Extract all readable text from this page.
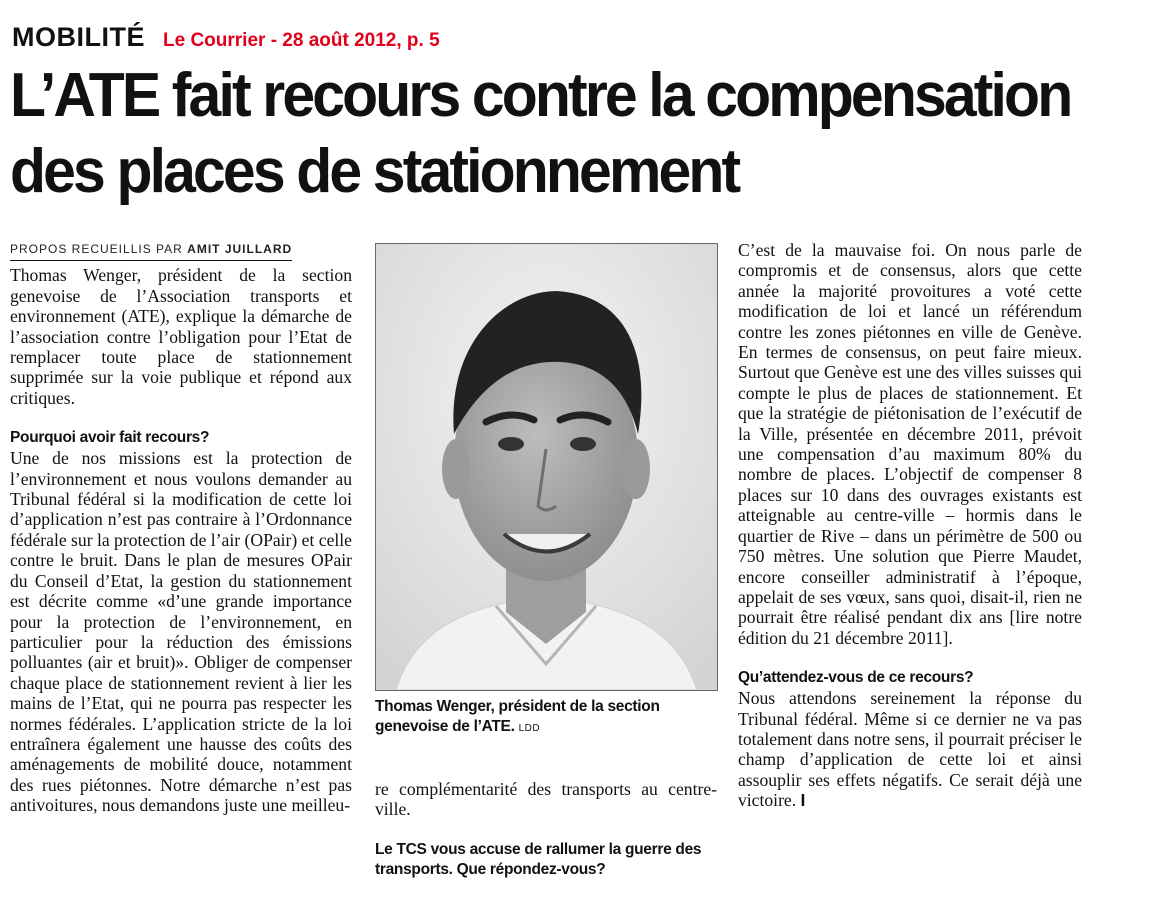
MOBILITÉ Le Courrier - 28 août 2012, p. 5
L’ATE fait recours contre la compensation
des places de stationnement
PROPOS RECUEILLIS PAR AMIT JUILLARD

Thomas Wenger, président de la section genevoise de l’Association transports et environnement (ATE), explique la démarche de l’association contre l’obligation pour l’Etat de remplacer toute place de stationnement supprimée sur la voie publique et répond aux critiques.

Pourquoi avoir fait recours?

Une de nos missions est la protection de l’environnement et nous voulons demander au Tribunal fédéral si la modification de cette loi d’application n’est pas contraire à l’Ordonnance fédérale sur la protection de l’air (OPair) et celle contre le bruit. Dans le plan de mesures OPair du Conseil d’Etat, la gestion du stationnement est décrite comme «d’une grande importance pour la protection de l’environnement, en particulier pour la réduction des émissions polluantes (air et bruit)». Obliger de compenser chaque place de stationnement revient à lier les mains de l’Etat, qui ne pourra pas respecter les normes fédérales. L’application stricte de la loi entraînera également une hausse des coûts des aménagements de mobilité douce, notamment des rues piétonnes. Notre démarche n’est pas antivoitures, nous demandons juste une meilleu-

Thomas Wenger, président de la section genevoise de l’ATE. LDD

re complémentarité des transports au centre-ville.

Le TCS vous accuse de rallumer la guerre des transports. Que répondez-vous?

C’est de la mauvaise foi. On nous parle de compromis et de consensus, alors que cette année la majorité provoitures a voté cette modification de loi et lancé un référendum contre les zones piétonnes en ville de Genève. En termes de consensus, on peut faire mieux. Surtout que Genève est une des villes suisses qui compte le plus de places de stationnement. Et que la stratégie de piétonisation de l’exécutif de la Ville, présentée en décembre 2011, prévoit une compensation d’au maximum 80% du nombre de places. L’objectif de compenser 8 places sur 10 dans des ouvrages existants est atteignable au centre-ville – hormis dans le quartier de Rive – dans un périmètre de 500 ou 750 mètres. Une solution que Pierre Maudet, encore conseiller administratif à l’époque, appelait de ses vœux, sans quoi, disait-il, rien ne pourrait être réalisé pendant dix ans [lire notre édition du 21 décembre 2011].

Qu’attendez-vous de ce recours?

Nous attendons sereinement la réponse du Tribunal fédéral. Même si ce dernier ne va pas totalement dans notre sens, il pourrait préciser le champ d’application de cette loi et ainsi assouplir ses effets négatifs. Ce serait déjà une victoire. I
